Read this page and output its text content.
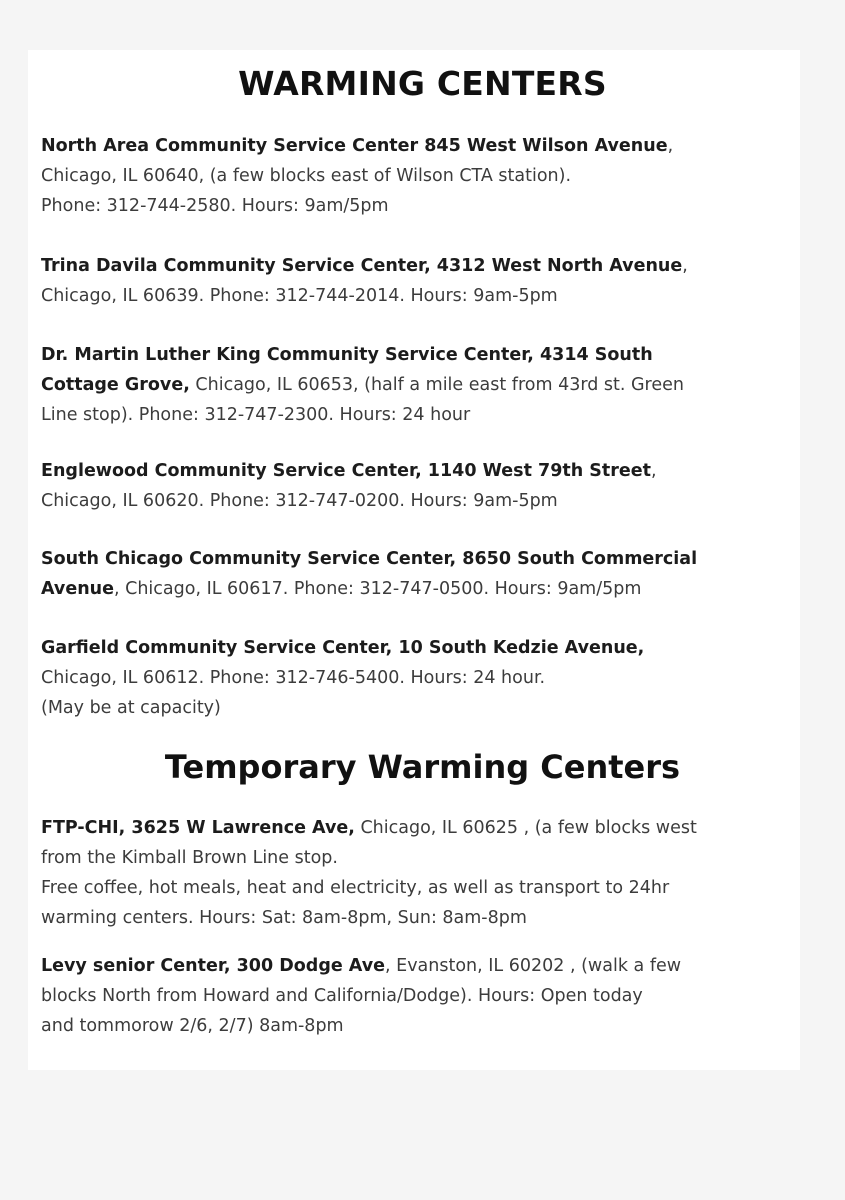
WARMING CENTERS

North Area Community Service Center 845 West Wilson Avenue,
Chicago, IL 60640, (a few blocks east of Wilson CTA station).
Phone: 312-744-2580. Hours: 9am/5pm

Trina Davila Community Service Center, 4312 West North Avenue,
Chicago, IL 60639. Phone: 312-744-2014. Hours: 9am-5pm

Dr. Martin Luther King Community Service Center, 4314 South
Cottage Grove, Chicago, IL 60653, (half a mile east from 43rd st. Green
Line stop). Phone: 312-747-2300. Hours: 24 hour

Englewood Community Service Center, 1140 West 79th Street,
Chicago, IL 60620. Phone: 312-747-0200. Hours: 9am-5pm

South Chicago Community Service Center, 8650 South Commercial
Avenue, Chicago, IL 60617. Phone: 312-747-0500. Hours: 9am/5pm

Garfield Community Service Center, 10 South Kedzie Avenue,
Chicago, IL 60612. Phone: 312-746-5400. Hours: 24 hour.
(May be at capacity)

Temporary Warming Centers

FTP-CHI, 3625 W Lawrence Ave, Chicago, IL 60625 , (a few blocks west
from the Kimball Brown Line stop.
Free coffee, hot meals, heat and electricity, as well as transport to 24hr
warming centers. Hours: Sat: 8am-8pm, Sun: 8am-8pm

Levy senior Center, 300 Dodge Ave, Evanston, IL 60202 , (walk a few
blocks North from Howard and California/Dodge). Hours: Open today
and tommorow 2/6, 2/7) 8am-8pm
